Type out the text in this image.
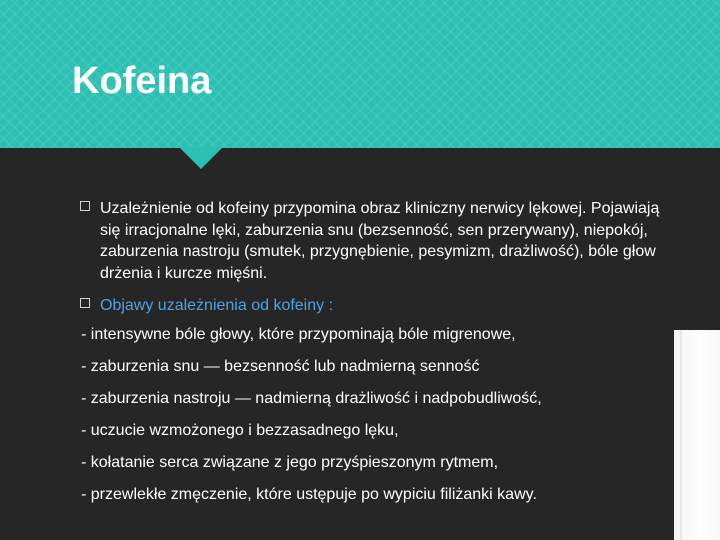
Kofeina
Uzależnienie od kofeiny przypomina obraz kliniczny nerwicy lękowej. Pojawiają
się irracjonalne lęki, zaburzenia snu (bezsenność, sen przerywany), niepokój,
zaburzenia nastroju (smutek, przygnębienie, pesymizm, drażliwość), bóle głow
drżenia i kurcze mięśni.
Objawy uzależnienia od kofeiny :
- intensywne bóle głowy, które przypominają bóle migrenowe,
- zaburzenia snu — bezsenność lub nadmierną senność
- zaburzenia nastroju — nadmierną drażliwość i nadpobudliwość,
- uczucie wzmożonego i bezzasadnego lęku,
- kołatanie serca związane z jego przyśpieszonym rytmem,
- przewlekłe zmęczenie, które ustępuje po wypiciu filiżanki kawy.
